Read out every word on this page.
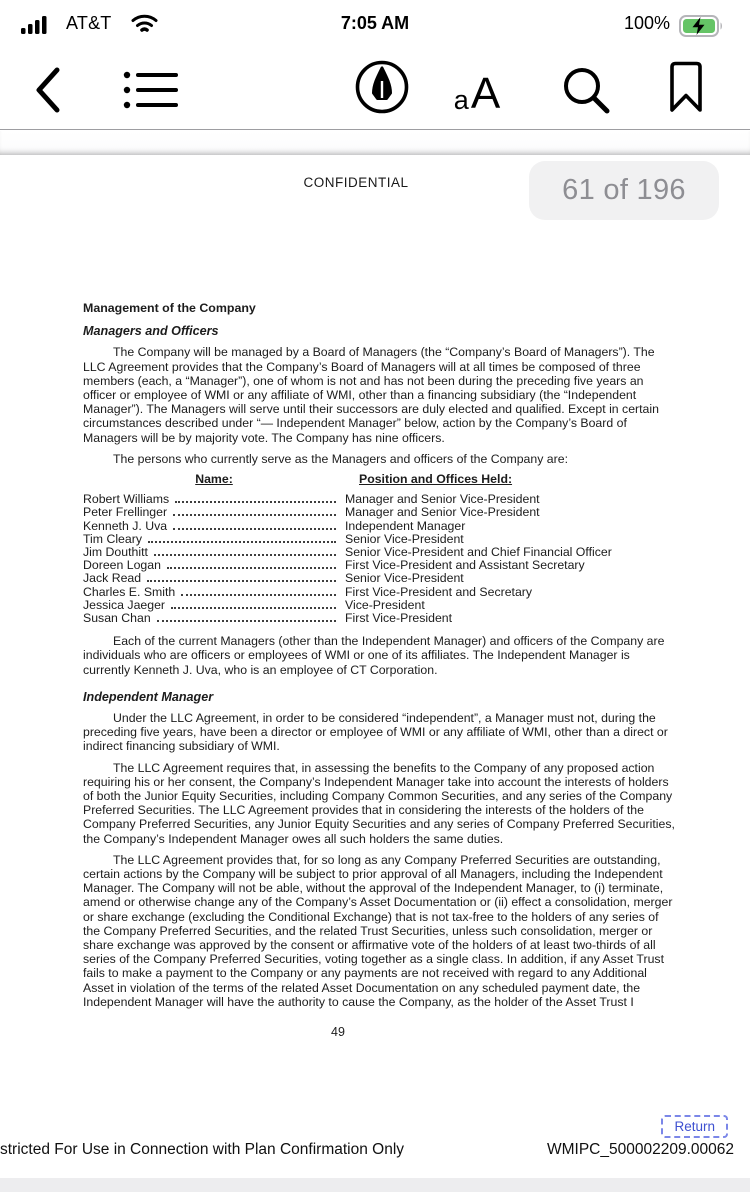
AT&T	7:05 AM	100%
a A
CONFIDENTIAL	61 of 196
Management of the Company
Managers and Officers

The Company will be managed by a Board of Managers (the “Company’s Board of Managers”). The LLC Agreement provides that the Company’s Board of Managers will at all times be composed of three members (each, a “Manager”), one of whom is not and has not been during the preceding five years an officer or employee of WMI or any affiliate of WMI, other than a financing subsidiary (the “Independent Manager”). The Managers will serve until their successors are duly elected and qualified. Except in certain circumstances described under “— Independent Manager” below, action by the Company’s Board of Managers will be by majority vote. The Company has nine officers.

The persons who currently serve as the Managers and officers of the Company are:

Name:	Position and Offices Held:
Robert Williams	Manager and Senior Vice-President
Peter Frellinger	Manager and Senior Vice-President
Kenneth J. Uva	Independent Manager
Tim Cleary	Senior Vice-President
Jim Douthitt	Senior Vice-President and Chief Financial Officer
Doreen Logan	First Vice-President and Assistant Secretary
Jack Read	Senior Vice-President
Charles E. Smith	First Vice-President and Secretary
Jessica Jaeger	Vice-President
Susan Chan	First Vice-President

Each of the current Managers (other than the Independent Manager) and officers of the Company are individuals who are officers or employees of WMI or one of its affiliates. The Independent Manager is currently Kenneth J. Uva, who is an employee of CT Corporation.

Independent Manager

Under the LLC Agreement, in order to be considered “independent”, a Manager must not, during the preceding five years, have been a director or employee of WMI or any affiliate of WMI, other than a direct or indirect financing subsidiary of WMI.

The LLC Agreement requires that, in assessing the benefits to the Company of any proposed action requiring his or her consent, the Company’s Independent Manager take into account the interests of holders of both the Junior Equity Securities, including Company Common Securities, and any series of the Company Preferred Securities. The LLC Agreement provides that in considering the interests of the holders of the Company Preferred Securities, any Junior Equity Securities and any series of Company Preferred Securities, the Company’s Independent Manager owes all such holders the same duties.

The LLC Agreement provides that, for so long as any Company Preferred Securities are outstanding, certain actions by the Company will be subject to prior approval of all Managers, including the Independent Manager. The Company will not be able, without the approval of the Independent Manager, to (i) terminate, amend or otherwise change any of the Company’s Asset Documentation or (ii) effect a consolidation, merger or share exchange (excluding the Conditional Exchange) that is not tax-free to the holders of any series of the Company Preferred Securities, and the related Trust Securities, unless such consolidation, merger or share exchange was approved by the consent or affirmative vote of the holders of at least two-thirds of all series of the Company Preferred Securities, voting together as a single class. In addition, if any Asset Trust fails to make a payment to the Company or any payments are not received with regard to any Additional Asset in violation of the terms of the related Asset Documentation on any scheduled payment date, the Independent Manager will have the authority to cause the Company, as the holder of the Asset Trust I

49
Return
stricted For Use in Connection with Plan Confirmation Only	WMIPC_500002209.00062
